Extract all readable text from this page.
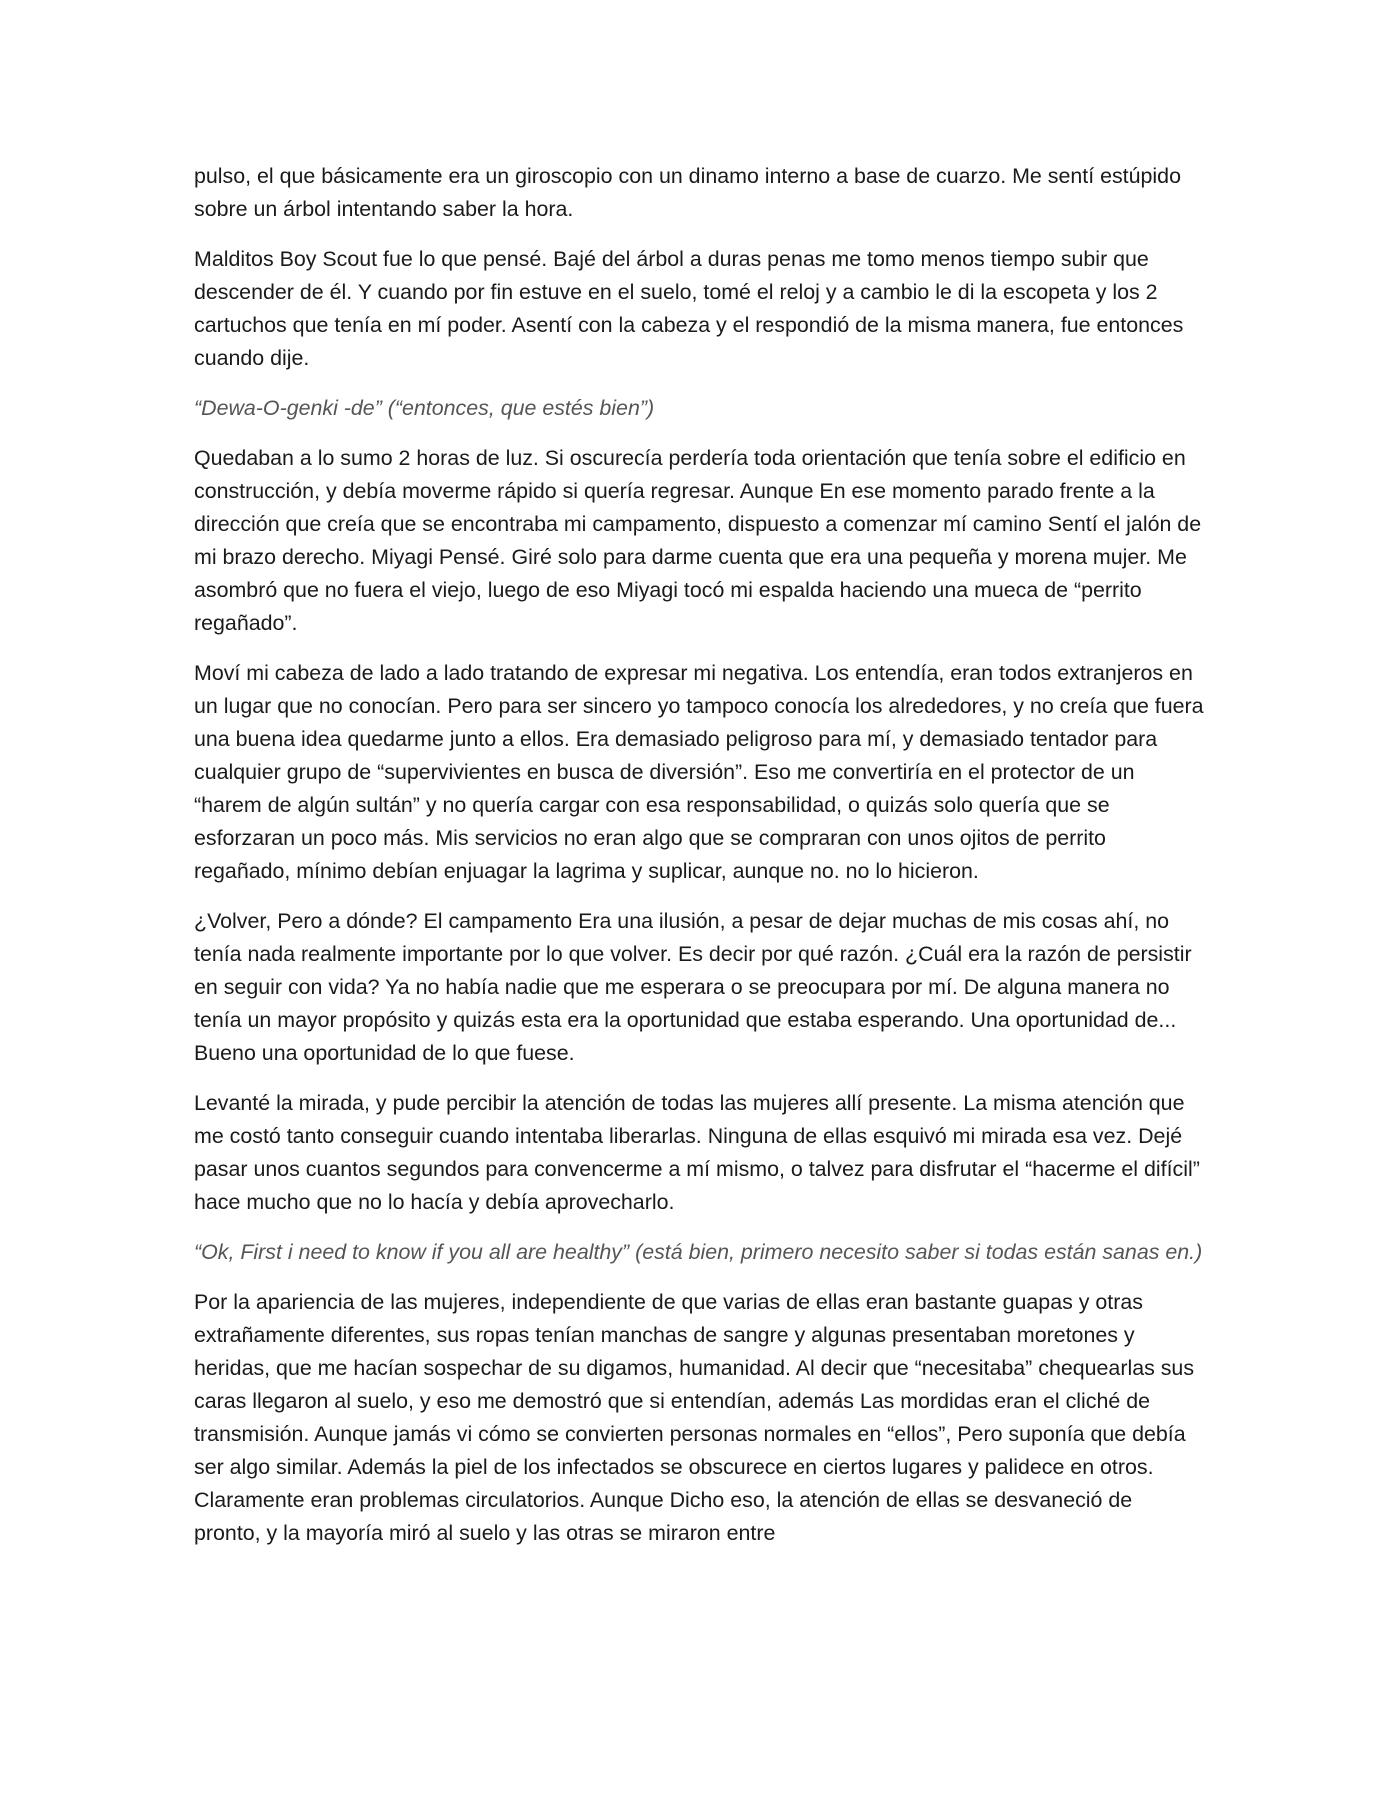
pulso, el que básicamente era un giroscopio con un dinamo interno a base de cuarzo. Me sentí estúpido sobre un árbol intentando saber la hora.

Malditos Boy Scout fue lo que pensé. Bajé del árbol a duras penas me tomo menos tiempo subir que descender de él. Y cuando por fin estuve en el suelo, tomé el reloj y a cambio le di la escopeta y los 2 cartuchos que tenía en mí poder. Asentí con la cabeza y el respondió de la misma manera, fue entonces cuando dije.

“Dewa-O-genki -de” (“entonces, que estés bien”)

Quedaban a lo sumo 2 horas de luz. Si oscurecía perdería toda orientación que tenía sobre el edificio en construcción, y debía moverme rápido si quería regresar. Aunque En ese momento parado frente a la dirección que creía que se encontraba mi campamento, dispuesto a comenzar mí camino Sentí el jalón de mi brazo derecho. Miyagi Pensé. Giré solo para darme cuenta que era una pequeña y morena mujer. Me asombró que no fuera el viejo, luego de eso Miyagi tocó mi espalda haciendo una mueca de “perrito regañado”.

Moví mi cabeza de lado a lado tratando de expresar mi negativa. Los entendía, eran todos extranjeros en un lugar que no conocían. Pero para ser sincero yo tampoco conocía los alrededores, y no creía que fuera una buena idea quedarme junto a ellos. Era demasiado peligroso para mí, y demasiado tentador para cualquier grupo de “supervivientes en busca de diversión”. Eso me convertiría en el protector de un “harem de algún sultán” y no quería cargar con esa responsabilidad, o quizás solo quería que se esforzaran un poco más. Mis servicios no eran algo que se compraran con unos ojitos de perrito regañado, mínimo debían enjuagar la lagrima y suplicar, aunque no. no lo hicieron.

¿Volver, Pero a dónde? El campamento Era una ilusión, a pesar de dejar muchas de mis cosas ahí, no tenía nada realmente importante por lo que volver. Es decir por qué razón. ¿Cuál era la razón de persistir en seguir con vida? Ya no había nadie que me esperara o se preocupara por mí. De alguna manera no tenía un mayor propósito y quizás esta era la oportunidad que estaba esperando. Una oportunidad de... Bueno una oportunidad de lo que fuese.

Levanté la mirada, y pude percibir la atención de todas las mujeres allí presente. La misma atención que me costó tanto conseguir cuando intentaba liberarlas. Ninguna de ellas esquivó mi mirada esa vez. Dejé pasar unos cuantos segundos para convencerme a mí mismo, o talvez para disfrutar el “hacerme el difícil” hace mucho que no lo hacía y debía aprovecharlo.

“Ok, First i need to know if you all are healthy” (está bien, primero necesito saber si todas están sanas en.)

Por la apariencia de las mujeres, independiente de que varias de ellas eran bastante guapas y otras extrañamente diferentes, sus ropas tenían manchas de sangre y algunas presentaban moretones y heridas, que me hacían sospechar de su digamos, humanidad. Al decir que “necesitaba” chequearlas sus caras llegaron al suelo, y eso me demostró que si entendían, además Las mordidas eran el cliché de transmisión. Aunque jamás vi cómo se convierten personas normales en “ellos”, Pero suponía que debía ser algo similar. Además la piel de los infectados se obscurece en ciertos lugares y palidece en otros. Claramente eran problemas circulatorios. Aunque Dicho eso, la atención de ellas se desvaneció de pronto, y la mayoría miró al suelo y las otras se miraron entre
